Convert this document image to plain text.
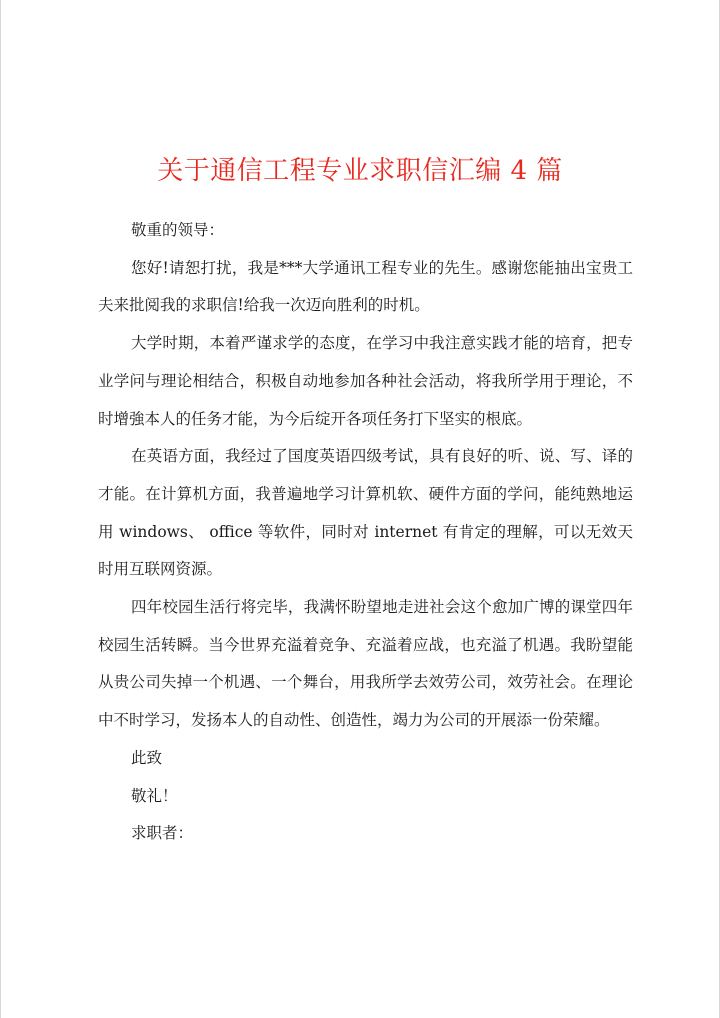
关于通信工程专业求职信汇编 4 篇

敬重的领导：

您好!请恕打扰，我是***大学通讯工程专业的先生。感谢您能抽出宝贵工夫来批阅我的求职信!给我一次迈向胜利的时机。

大学时期，本着严谨求学的态度，在学习中我注意实践才能的培育，把专业学问与理论相结合，积极自动地参加各种社会活动，将我所学用于理论，不时增強本人的任务才能，为今后绽开各项任务打下坚实的根底。

在英语方面，我经过了国度英语四级考试，具有良好的听、说、写、译的才能。在计算机方面，我普遍地学习计算机软、硬件方面的学问，能纯熟地运用 windows、 office 等软件，同时对 internet 有肯定的理解，可以无效天时用互联网资源。

四年校园生活行将完毕，我满怀盼望地走进社会这个愈加广博的课堂四年校园生活转瞬。当今世界充溢着竞争、充溢着应战，也充溢了机遇。我盼望能从贵公司失掉一个机遇、一个舞台，用我所学去效劳公司，效劳社会。在理论中不时学习，发扬本人的自动性、创造性，竭力为公司的开展添一份荣耀。

此致

敬礼！

求职者：
